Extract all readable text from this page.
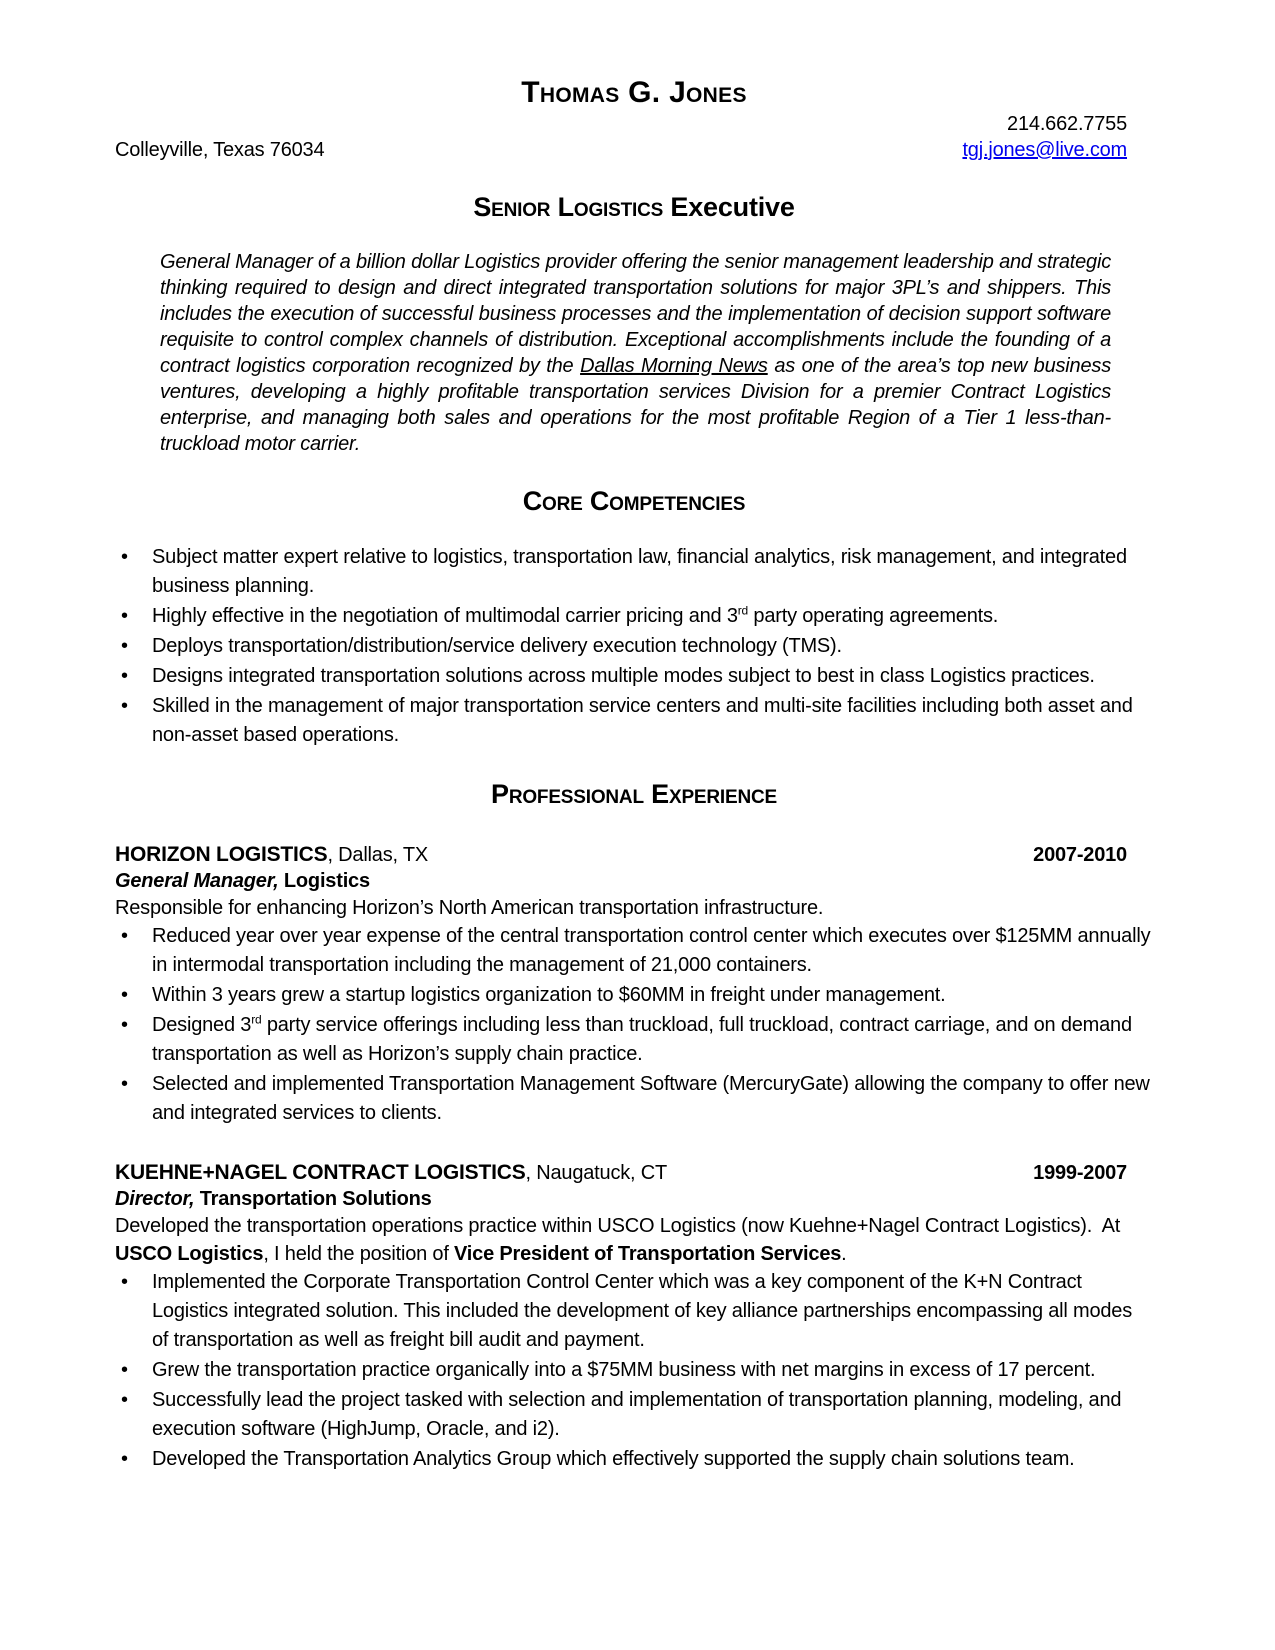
Thomas G. Jones
214.662.7755
Colleyville, Texas 76034	tgj.jones@live.com
Senior Logistics Executive

General Manager of a billion dollar Logistics provider offering the senior management leadership and strategic thinking required to design and direct integrated transportation solutions for major 3PL’s and shippers. This includes the execution of successful business processes and the implementation of decision support software requisite to control complex channels of distribution. Exceptional accomplishments include the founding of a contract logistics corporation recognized by the Dallas Morning News as one of the area’s top new business ventures, developing a highly profitable transportation services Division for a premier Contract Logistics enterprise, and managing both sales and operations for the most profitable Region of a Tier 1 less-than-truckload motor carrier.

Core Competencies
•	Subject matter expert relative to logistics, transportation law, financial analytics, risk management, and integrated business planning.
•	Highly effective in the negotiation of multimodal carrier pricing and 3rd party operating agreements.
•	Deploys transportation/distribution/service delivery execution technology (TMS).
•	Designs integrated transportation solutions across multiple modes subject to best in class Logistics practices.
•	Skilled in the management of major transportation service centers and multi-site facilities including both asset and non-asset based operations.
Professional Experience
HORIZON LOGISTICS, Dallas, TX	2007-2010
General Manager, Logistics

Responsible for enhancing Horizon’s North American transportation infrastructure.

•	Reduced year over year expense of the central transportation control center which executes over $125MM annually in intermodal transportation including the management of 21,000 containers.
•	Within 3 years grew a startup logistics organization to $60MM in freight under management.
•	Designed 3rd party service offerings including less than truckload, full truckload, contract carriage, and on demand transportation as well as Horizon’s supply chain practice.
•	Selected and implemented Transportation Management Software (MercuryGate) allowing the company to offer new and integrated services to clients.
KUEHNE+NAGEL CONTRACT LOGISTICS, Naugatuck, CT	1999-2007
Director, Transportation Solutions

Developed the transportation operations practice within USCO Logistics (now Kuehne+Nagel Contract Logistics).  At USCO Logistics, I held the position of Vice President of Transportation Services.

•	Implemented the Corporate Transportation Control Center which was a key component of the K+N Contract Logistics integrated solution. This included the development of key alliance partnerships encompassing all modes of transportation as well as freight bill audit and payment.
•	Grew the transportation practice organically into a $75MM business with net margins in excess of 17 percent.
•	Successfully lead the project tasked with selection and implementation of transportation planning, modeling, and execution software (HighJump, Oracle, and i2).
•	Developed the Transportation Analytics Group which effectively supported the supply chain solutions team.
